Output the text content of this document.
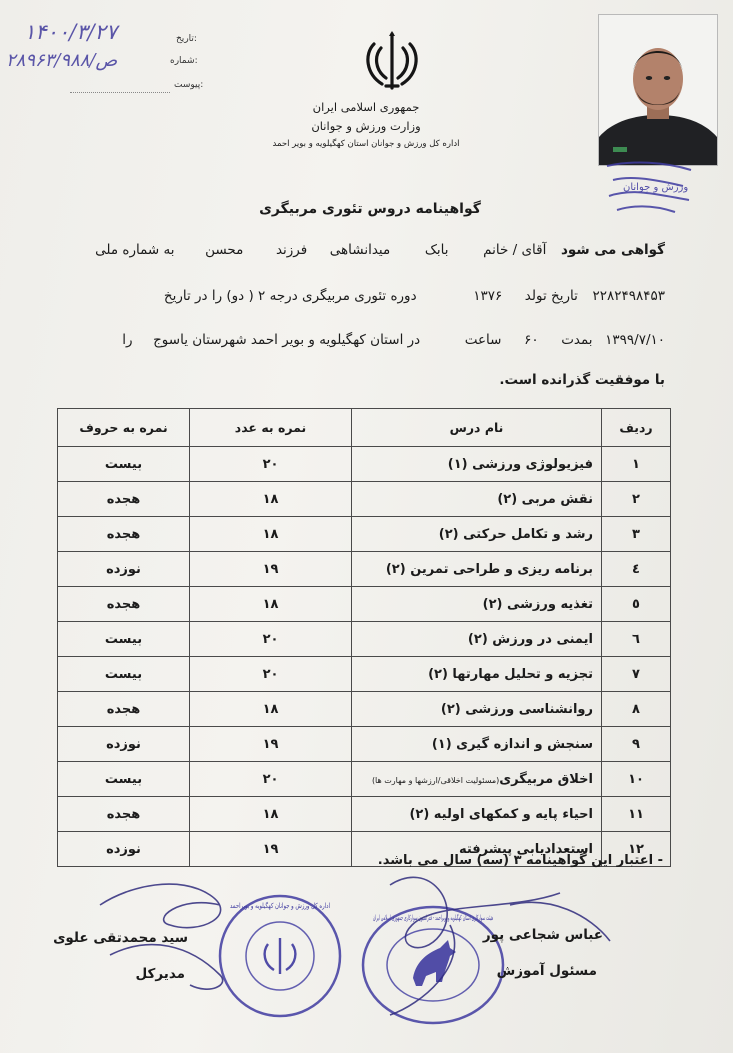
تاریخ:
شماره:
پیوست:
۱۴۰۰/۳/۲۷
۲۸۹۶۳/۹۸۸/ص
جمهوری اسلامی ایران
وزارت ورزش و جوانان
اداره کل ورزش و جوانان استان کهگیلویه و بویر احمد
ورزش و جوانان
گواهینامه دروس تئوری مربیگری
گواهی می شود  آقای / خانم  بابک  میدانشاهی  فرزند  محسن  به شماره ملی
۲۲۸۲۴۹۸۴۵۳  تاریخ تولد  ۱۳۷۶  دوره تئوری مربیگری درجه ۲ ( دو) را در تاریخ
۱۳۹۹/۷/۱۰  بمدت  ۶۰  ساعت  در استان کهگیلویه و بویر احمد شهرستان یاسوج  را
با موفقیت گذرانده است.
ردیف	نام درس	نمره به عدد	نمره به حروف
۱	فیزیولوژی ورزشی (۱)	۲۰	بیست
۲	نقش مربی (۲)	۱۸	هجده
۳	رشد و تکامل حرکتی (۲)	۱۸	هجده
٤	برنامه ریزی و طراحی تمرین (۲)	۱۹	نوزده
٥	تغذیه ورزشی (۲)	۱۸	هجده
٦	ایمنی در ورزش (۲)	۲۰	بیست
۷	تجزیه و تحلیل مهارتها (۲)	۲۰	بیست
۸	روانشناسی ورزشی (۲)	۱۸	هجده
۹	سنجش و اندازه گیری (۱)	۱۹	نوزده
۱۰	اخلاق مربیگری(مسئولیت اخلاقی/ارزشها و مهارت ها)	۲۰	بیست
۱۱	احیاء پایه و کمکهای اولیه (۲)	۱۸	هجده
۱۲	استعدادیابی پیشرفته	۱۹	نوزده
- اعتبار این گواهینامه ۳ (سه) سال می باشد.
هیئت سوارکاری استان کهگیلویه و بویراحمد - فدراسیون سوارکاری جمهوری اسلامی ایران
اداره کل ورزش و جوانان کهگیلویه و بویراحمد
عباس شجاعی پور
مسئول آموزش
سید محمدتقی علوی
مدیرکل
